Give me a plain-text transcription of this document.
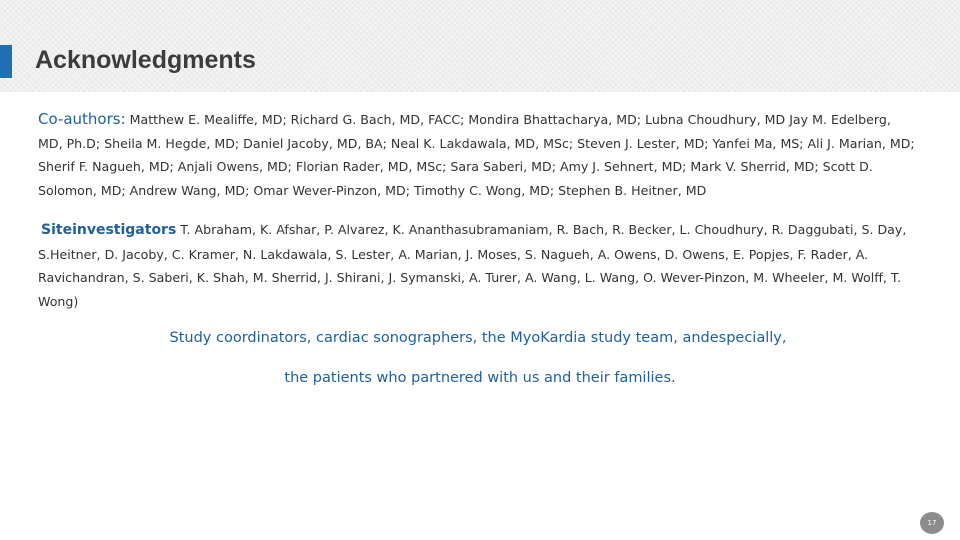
Acknowledgments

Co-authors: Matthew E. Mealiffe, MD; Richard G. Bach, MD, FACC; Mondira Bhattacharya, MD; Lubna Choudhury, MD Jay M. Edelberg, MD, Ph.D; Sheila M. Hegde, MD; Daniel Jacoby, MD, BA; Neal K. Lakdawala, MD, MSc; Steven J. Lester, MD; Yanfei Ma, MS; Ali J. Marian, MD; Sherif F. Nagueh, MD; Anjali Owens, MD; Florian Rader, MD, MSc; Sara Saberi, MD; Amy J. Sehnert, MD; Mark V. Sherrid, MD; Scott D. Solomon, MD; Andrew Wang, MD; Omar Wever-Pinzon, MD; Timothy C. Wong, MD; Stephen B. Heitner, MD

Siteinvestigators T. Abraham, K. Afshar, P. Alvarez, K. Ananthasubramaniam, R. Bach, R. Becker, L. Choudhury, R. Daggubati, S. Day, S.Heitner, D. Jacoby, C. Kramer, N. Lakdawala, S. Lester, A. Marian, J. Moses, S. Nagueh, A. Owens, D. Owens, E. Popjes, F. Rader, A. Ravichandran, S. Saberi, K. Shah, M. Sherrid, J. Shirani, J. Symanski, A. Turer, A. Wang, L. Wang, O. Wever-Pinzon, M. Wheeler, M. Wolff, T. Wong)

Study coordinators, cardiac sonographers, the MyoKardia study team, andespecially,

the patients who partnered with us and their families.

17
